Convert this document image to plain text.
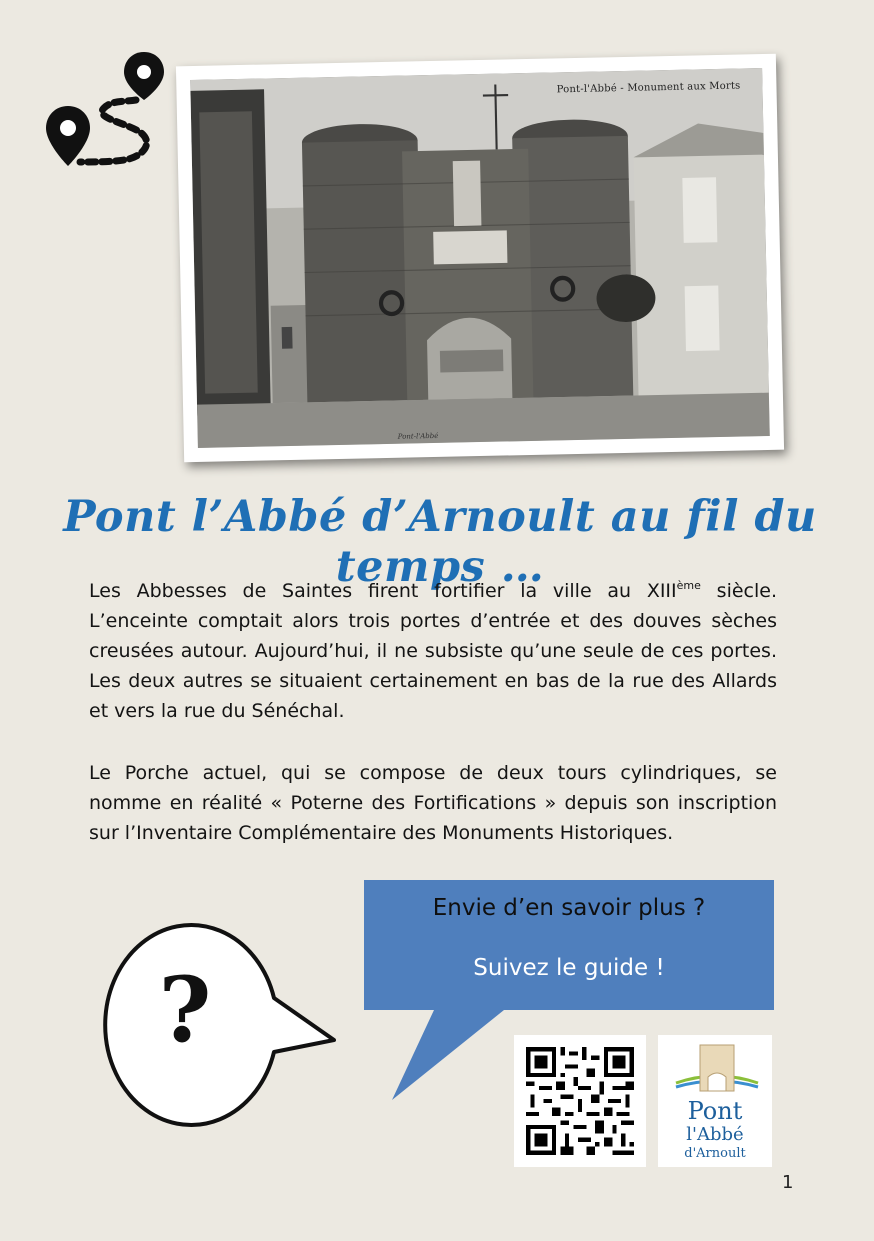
Pont-l'Abbé - Monument aux Morts
Pont-l'Abbé
Pont l’Abbé d’Arnoult au fil du temps …

Les Abbesses de Saintes firent fortifier la ville au XIIIème siècle. L’enceinte comptait alors trois portes d’entrée et des douves sèches creusées autour. Aujourd’hui, il ne subsiste qu’une seule de ces portes. Les deux autres se situaient certainement en bas de la rue des Allards et vers la rue du Sénéchal.

Le Porche actuel, qui se compose de deux tours cylindriques, se nomme en réalité « Poterne des Fortifications » depuis son inscription sur l’Inventaire Complémentaire des Monuments Historiques.

?
Envie d’en savoir plus ?
Suivez le guide !
Pont
l'Abbé
d'Arnoult
1
